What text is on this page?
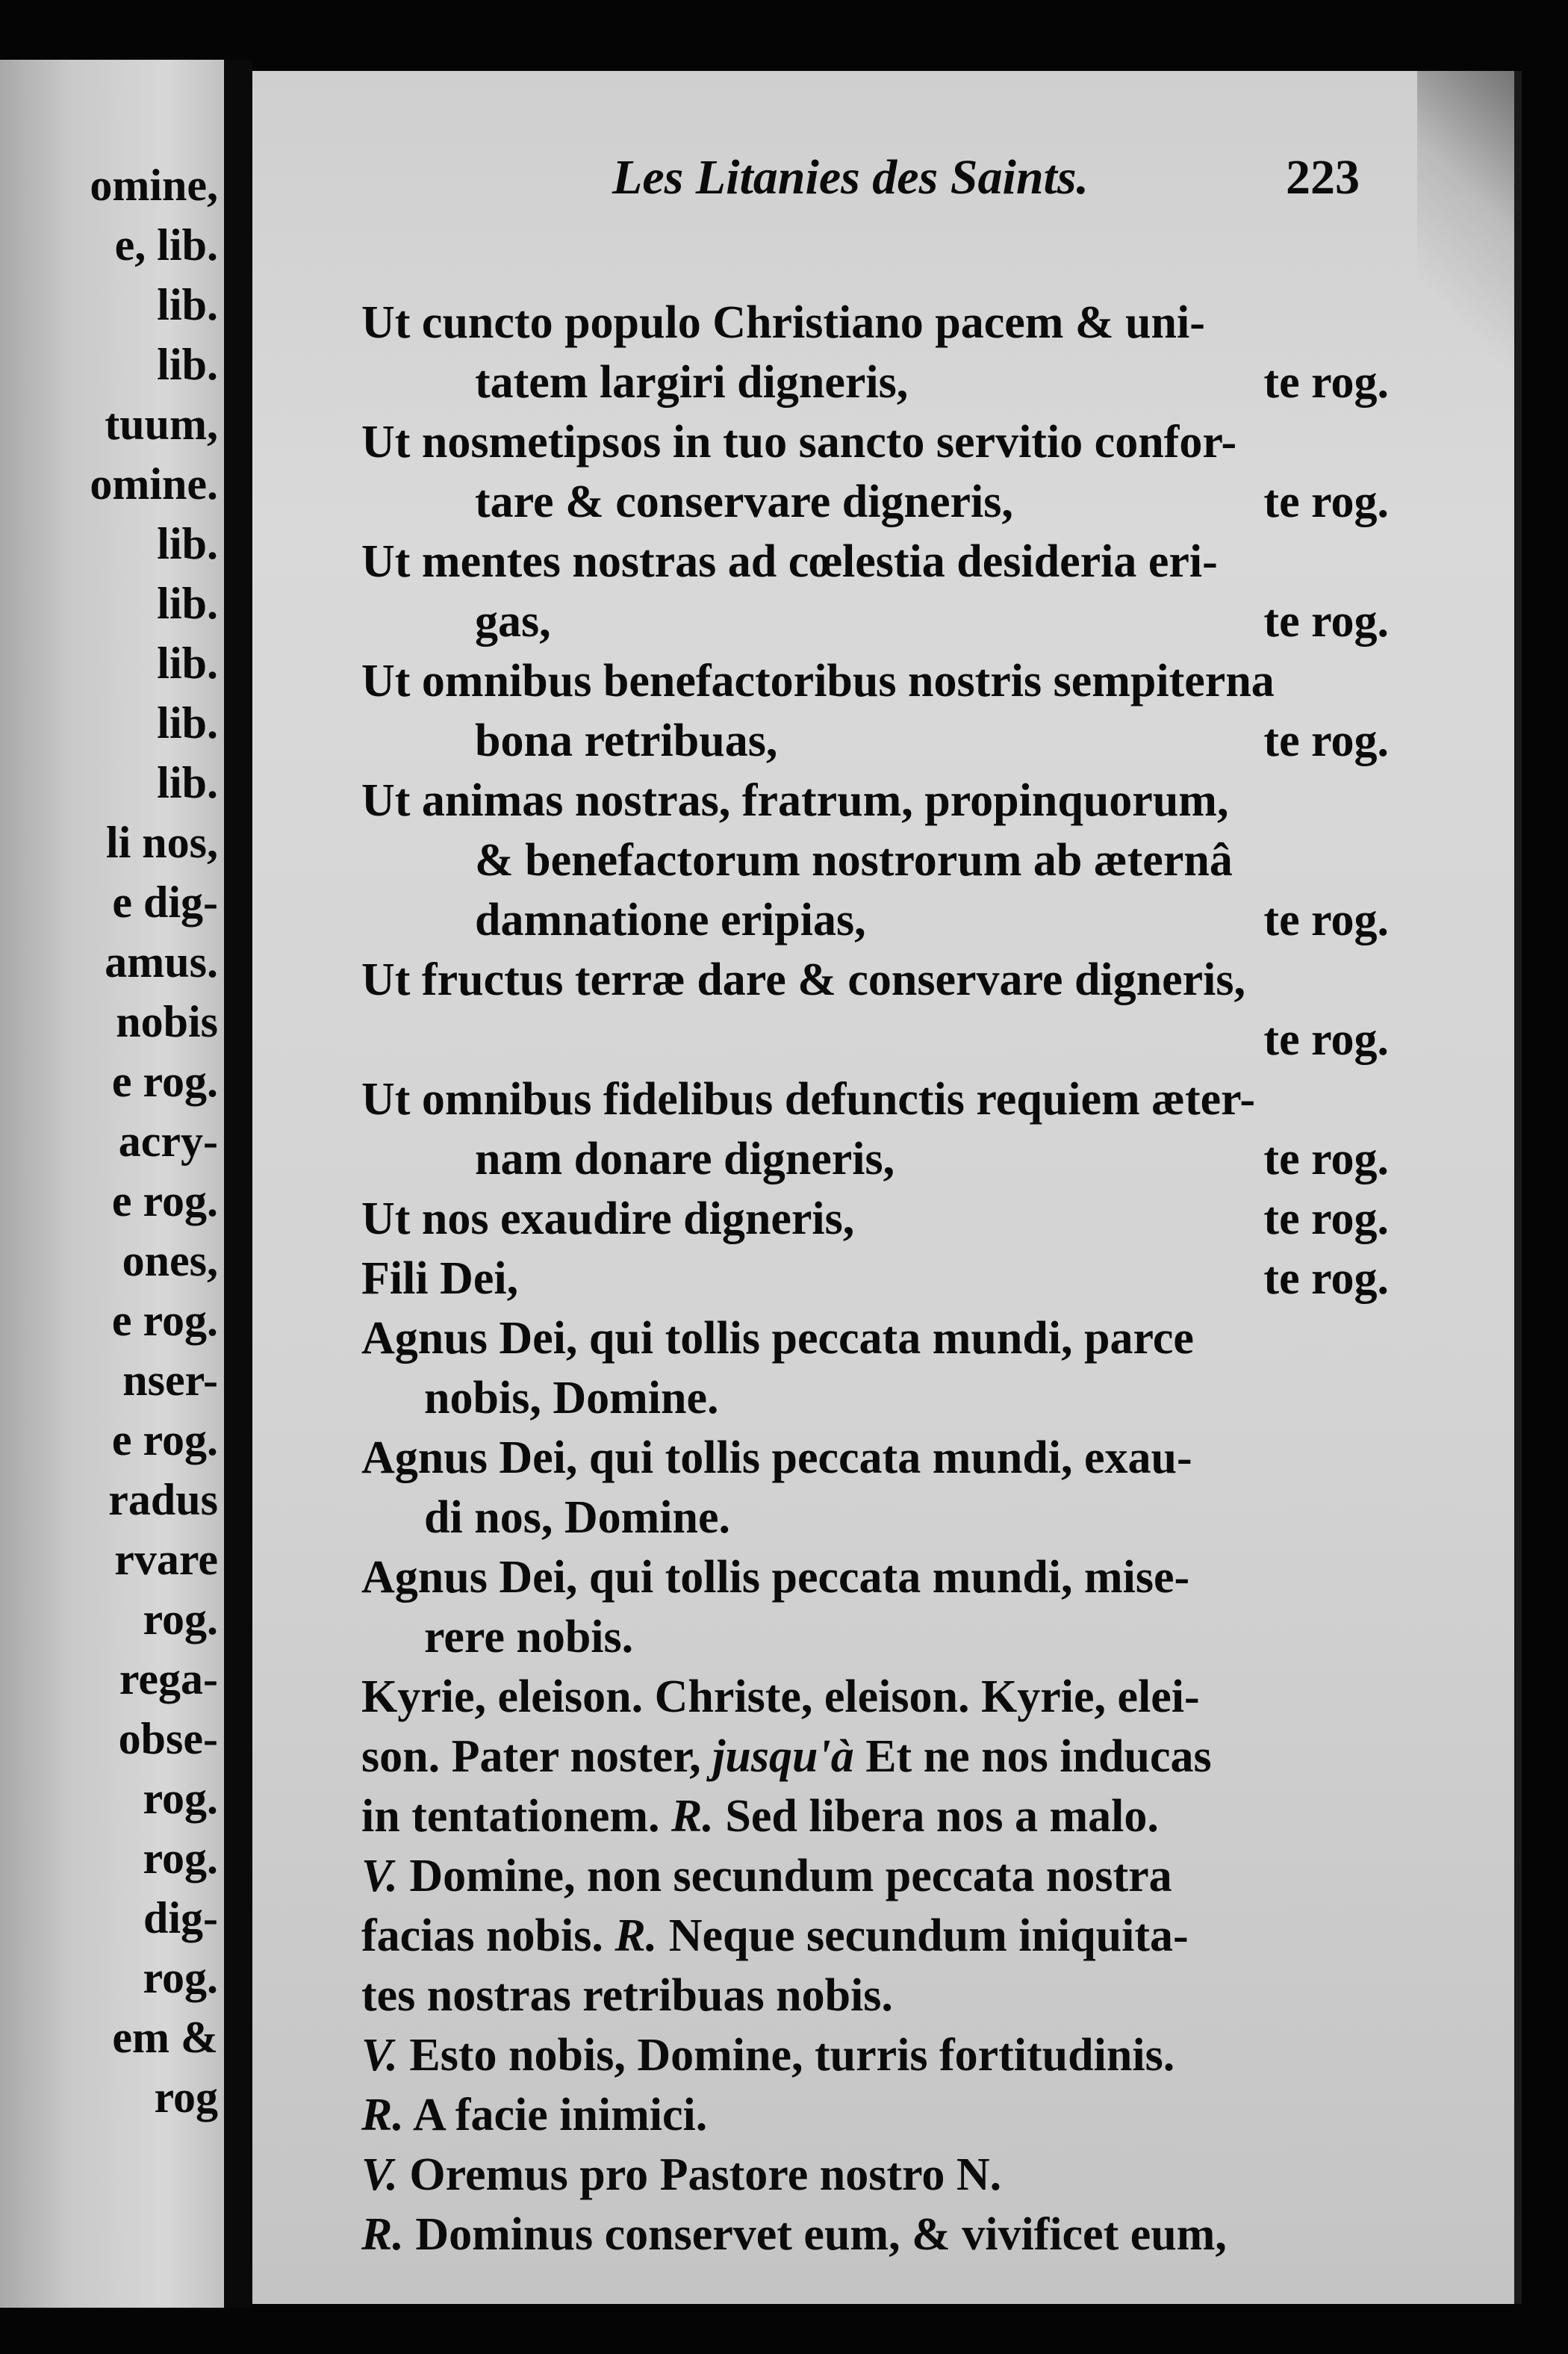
omine,
e, lib.
lib.
lib.
tuum,
omine.
lib.
lib.
lib.
lib.
lib.
li nos,
e dig-
amus.
nobis
e rog.
acry-
e rog.
ones,
e rog.
nser-
e rog.
radus
rvare
rog.
rega-
obse-
rog.
rog.
dig-
rog.
em &
rog
Les Litanies des Saints.	223
Ut cuncto populo Christiano pacem & uni-
tatem largiri digneris,	te rog.
Ut nosmetipsos in tuo sancto servitio confor-
tare & conservare digneris,	te rog.
Ut mentes nostras ad cœlestia desideria eri-
gas,	te rog.
Ut omnibus benefactoribus nostris sempiterna
bona retribuas,	te rog.
Ut animas nostras, fratrum, propinquorum,
& benefactorum nostrorum ab æternâ
damnatione eripias,	te rog.
Ut fructus terræ dare & conservare digneris,
te rog.
Ut omnibus fidelibus defunctis requiem æter-
nam donare digneris,	te rog.
Ut nos exaudire digneris,	te rog.
Fili Dei,	te rog.
Agnus Dei, qui tollis peccata mundi, parce
nobis, Domine.
Agnus Dei, qui tollis peccata mundi, exau-
di nos, Domine.
Agnus Dei, qui tollis peccata mundi, mise-
rere nobis.
Kyrie, eleison. Christe, eleison. Kyrie, elei-
son. Pater noster, jusqu'à Et ne nos inducas
in tentationem. R. Sed libera nos a malo.
V. Domine, non secundum peccata nostra
facias nobis. R. Neque secundum iniquita-
tes nostras retribuas nobis.
V. Esto nobis, Domine, turris fortitudinis.
R. A facie inimici.
V. Oremus pro Pastore nostro N.
R. Dominus conservet eum, & vivificet eum,
